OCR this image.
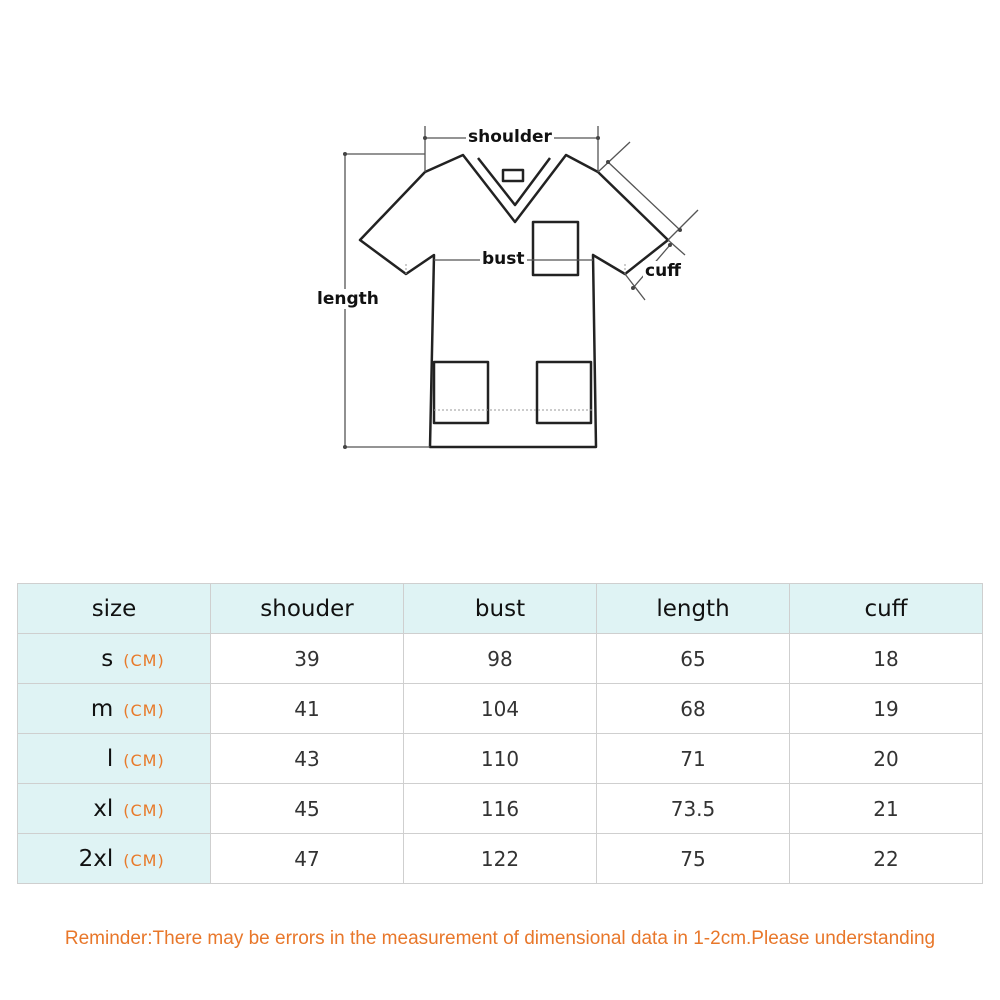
shoulder
bust
cuff
length
size	shouder	bust	length	cuff
s (CM)	39	98	65	18
m (CM)	41	104	68	19
l (CM)	43	110	71	20
xl (CM)	45	116	73.5	21
2xl (CM)	47	122	75	22
Reminder:There may be errors in the measurement of dimensional data in 1-2cm.Please understanding
